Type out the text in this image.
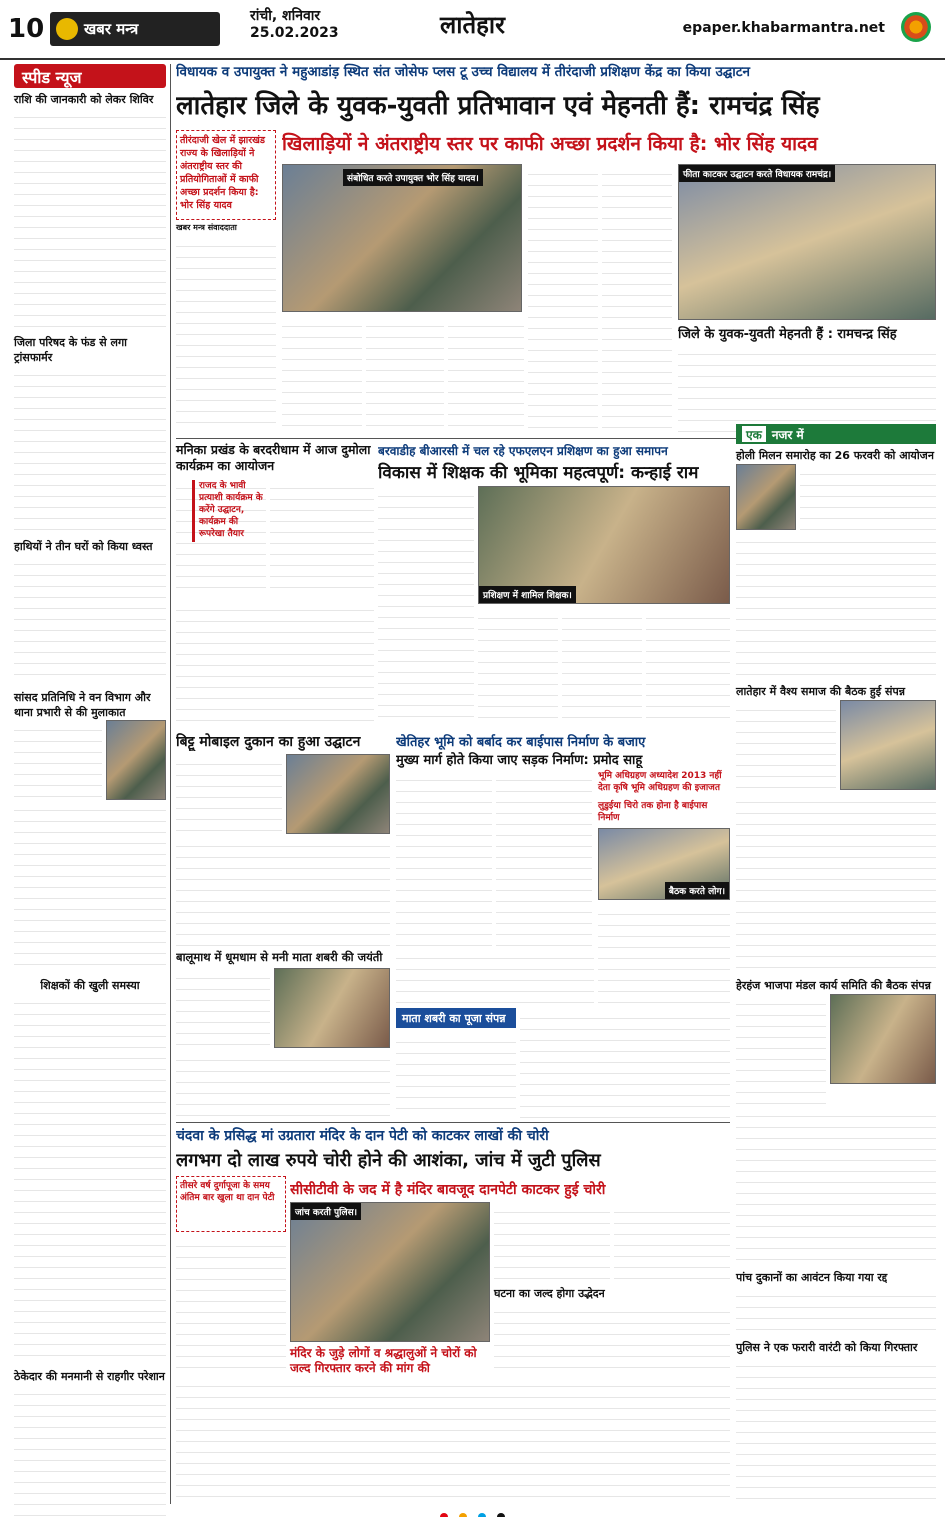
10	खबर मन्त्र
रांची, शनिवार
25.02.2023	लातेहार	epaper.khabarmantra.net
स्पीड न्यूज
राशि की जानकारी को लेकर शिविर
जिला परिषद के फंड से लगा ट्रांसफार्मर
हाथियों ने तीन घरों को किया ध्वस्त
सांसद प्रतिनिधि ने वन विभाग और थाना प्रभारी से की मुलाकात
शिक्षकों की खुली समस्या
ठेकेदार की मनमानी से राहगीर परेशान
विधायक व उपायुक्त ने महुआडांड़ स्थित संत जोसेफ प्लस टू उच्च विद्यालय में तीरंदाजी प्रशिक्षण केंद्र का किया उद्घाटन
लातेहार जिले के युवक-युवती प्रतिभावान एवं मेहनती हैं: रामचंद्र सिंह
खिलाड़ियों ने अंतराष्ट्रीय स्तर पर काफी अच्छा प्रदर्शन किया है: भोर सिंह यादव
तीरंदाजी खेल में झारखंड राज्य के खिलाड़ियों ने अंतराष्ट्रीय स्तर की प्रतियोगिताओं में काफी अच्छा प्रदर्शन किया है: भोर सिंह यादव
खबर मन्त्र संवाददाता
संबोधित करते उपायुक्त भोर सिंह यादव।	फीता काटकर उद्घाटन करते विधायक रामचंद्र।
जिले के युवक-युवती मेहनती हैं : रामचन्द्र सिंह
मनिका प्रखंड के बरदरीधाम में आज दुमोला कार्यक्रम का आयोजन
राजद के भावी प्रत्याशी कार्यक्रम के करेंगे उद्घाटन, कार्यक्रम की रूपरेखा तैयार
बरवाडीह बीआरसी में चल रहे एफएलएन प्रशिक्षण का हुआ समापन
विकास में शिक्षक की भूमिका महत्वपूर्ण: कन्हाई राम
प्रशिक्षण में शामिल शिक्षक।
एक नजर में
होली मिलन समारोह का 26 फरवरी को आयोजन
लातेहार में वैश्य समाज की बैठक हुई संपन्न
हेरहंज भाजपा मंडल कार्य समिति की बैठक संपन्न
पांच दुकानों का आवंटन किया गया रद्द
पुलिस ने एक फरारी वारंटी को किया गिरफ्तार
बिट्टू मोबाइल दुकान का हुआ उद्घाटन	खेतिहर भूमि को बर्बाद कर बाईपास निर्माण के बजाए
मुख्य मार्ग होते किया जाए सड़क निर्माण: प्रमोद साहू
भूमि अधिग्रहण अध्यादेश 2013 नहीं देता कृषि भूमि अधिग्रहण की इजाजत
लुडुईया चिरो तक होना है बाईपास निर्माण
बैठक करते लोग।
बालूमाथ में धूमधाम से मनी माता शबरी की जयंती
माता शबरी का पूजा संपन्न
चंदवा के प्रसिद्ध मां उग्रतारा मंदिर के दान पेटी को काटकर लाखों की चोरी
लगभग दो लाख रुपये चोरी होने की आशंका, जांच में जुटी पुलिस
तीसरे वर्ष दुर्गापूजा के समय अंतिम बार खुला था दान पेटी	सीसीटीवी के जद में है मंदिर बावजूद दानपेटी काटकर हुई चोरी
जांच करती पुलिस।
घटना का जल्द होगा उद्भेदन
मंदिर के जुड़े लोगों व श्रद्धालुओं ने चोरों को जल्द गिरफ्तार करने की मांग की
